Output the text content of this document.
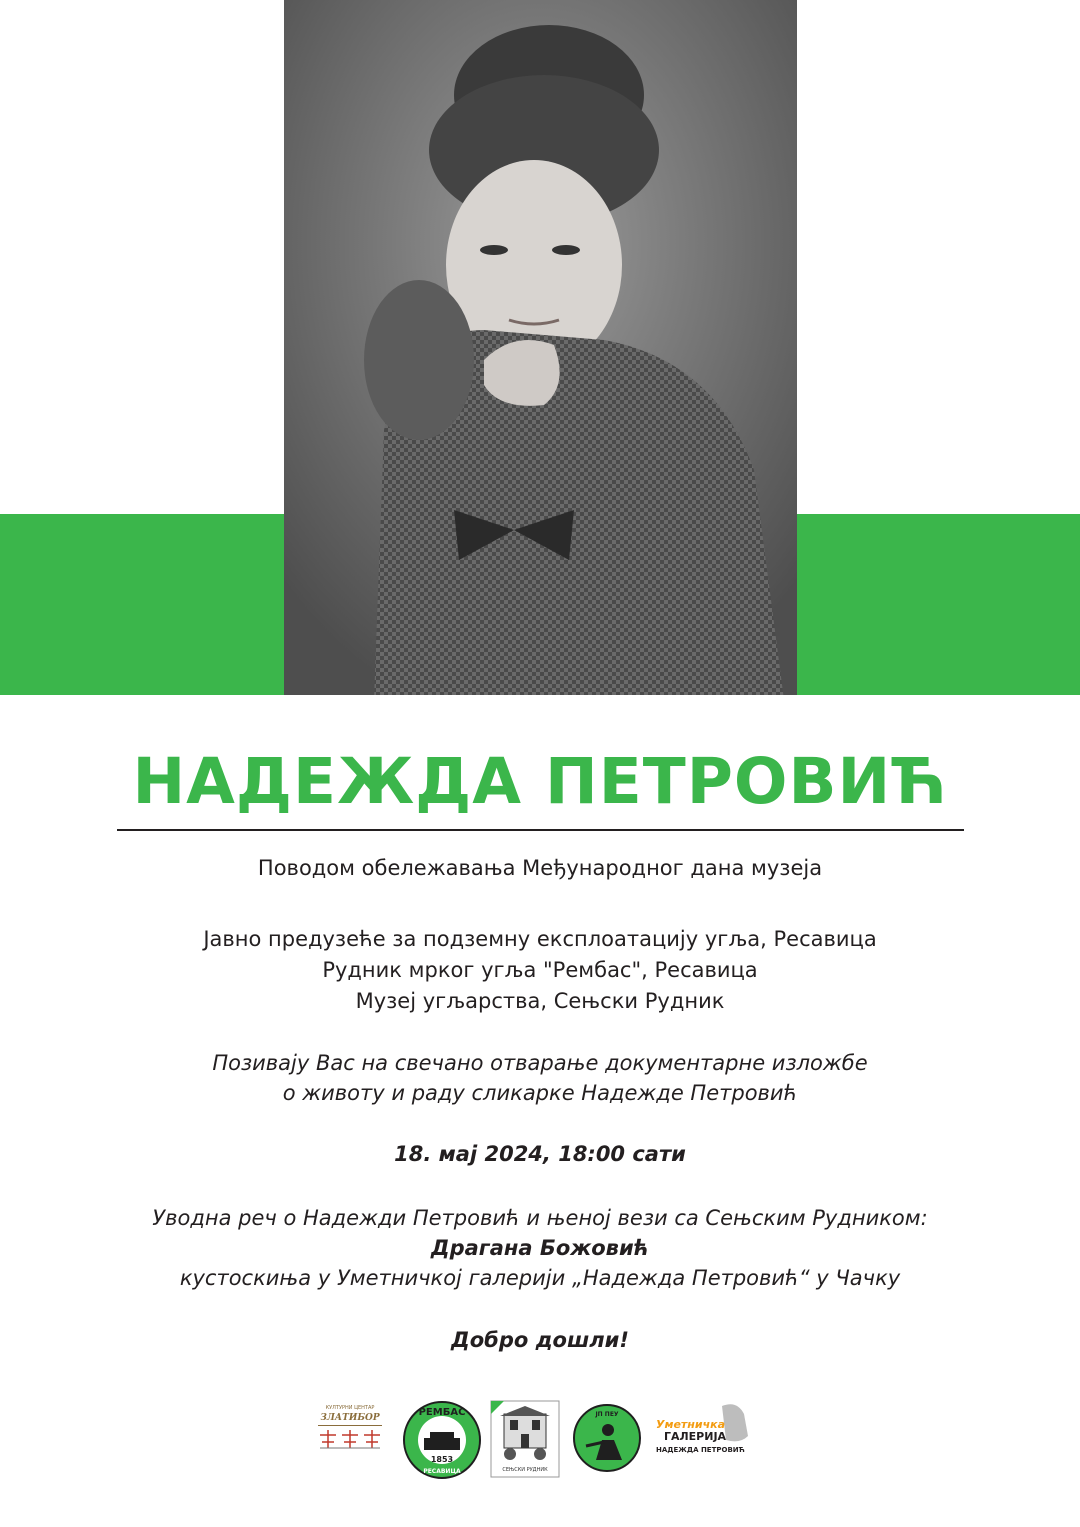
НАДЕЖДА ПЕТРОВИЋ
Поводом обележавања Међународног дана музеја
Јавно предузеће за подземну експлоатацију угља, Ресавица
Рудник мрког угља "Рембас", Ресавица
Музеј угљарства, Сењски Рудник
Позивају Вас на свечано отварање документарне изложбе
о животу и раду сликарке Надежде Петровић
18. мај 2024, 18:00 сати
Уводна реч о Надежди Петровић и њеној вези са Сењским Рудником:
Драгана Божовић
кустоскиња у Уметничкој галерији „Надежда Петровић“ у Чачку
Добро дошли!
КУЛТУРНИ ЦЕНТАР
ЗЛАТИБОР	РЕМБАС
1853
РЕСАВИЦА	СЕЊСКИ РУДНИК
ЈП ПЕУ
Уметничка
ГАЛЕРИЈА
НАДЕЖДА ПЕТРОВИЋ
